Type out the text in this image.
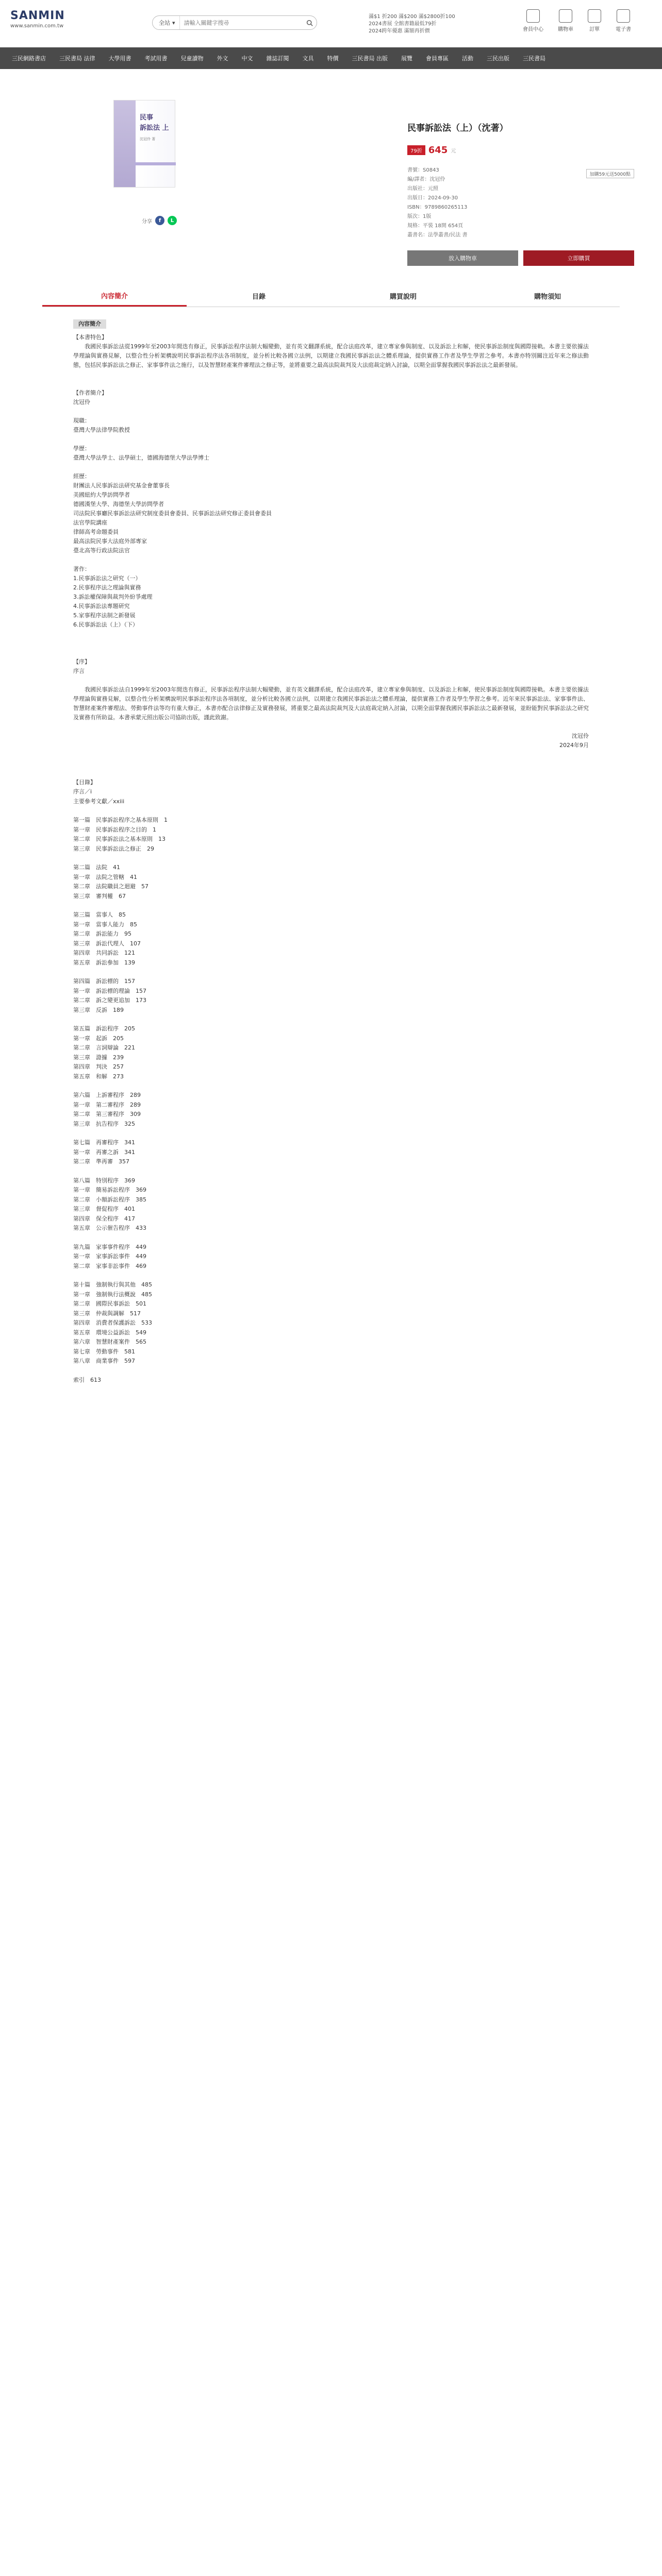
SANMIN
www.sanmin.com.tw	全站 ▾
請輸入關鍵字搜尋
滿$1 折200 滿$200 滿$2800折100
2024書展 全館書籍最低79折
2024跨年優惠 滿額再折價	會員中心	購物車	訂單	電子書
三民網路書店	三民書局 法律	大學用書	考試用書	兒童讀物	外文	中文	雜誌訂閱	文具	特價	三民書局 出版	展覽	會員專區	活動	三民出版	三民書局
民事
訴訟法 上
沈冠伶 著
分享	f	L
民事訴訟法（上）（沈著）
79折 645 元
書號：S0843
編/譯者：沈冠伶
出版社：元照
出版日：2024-09-30
ISBN：9789860265113
版次：1版
規格：平裝 18開 654頁
叢書名：法學叢書/民法 書
加購59元送5000點
放入購物車	立即購買
內容簡介	目錄	購買說明	購物須知
內容簡介
【本書特色】
我國民事訴訟法從1999年至2003年間迭有修正，民事訴訟程序法制大幅變動，並有英文翻譯系統，配合法庭改革，建立專家參與制度、以及訴訟上和解，使民事訴訟制度與國際接軌。本書主要依據法學理論與實務見解，以整合性分析架構說明民事訴訟程序法各項制度，並分析比較各國立法例，以期建立我國民事訴訟法之體系理論，提供實務工作者及學生學習之參考。本書亦特別關注近年來之修法動態，包括民事訴訟法之修正、家事事件法之施行，以及智慧財產案件審理法之修正等，並將重要之最高法院裁判及大法庭裁定納入討論，以期全面掌握我國民事訴訟法之最新發展。
【作者簡介】
沈冠伶
現職：
臺灣大學法律學院教授
學歷：
臺灣大學法學士、法學碩士，德國海德堡大學法學博士
經歷：
財團法人民事訴訟法研究基金會董事長
美國紐約大學訪問學者
德國漢堡大學、海德堡大學訪問學者
司法院民事廳民事訴訟法研究制度委員會委員、民事訴訟法研究修正委員會委員
法官學院講座
律師高考命題委員
最高法院民事大法庭外部專家
臺北高等行政法院法官
著作：
1.民事訴訟法之研究（一）
2.民事程序法之理論與實務
3.訴訟權保障與裁判外紛爭處理
4.民事訴訟法專題研究
5.家事程序法制之新發展
6.民事訴訟法（上）（下）
【序】
序言
我國民事訴訟法自1999年至2003年間迭有修正，民事訴訟程序法制大幅變動，並有英文翻譯系統，配合法庭改革，建立專家參與制度、以及訴訟上和解，使民事訴訟制度與國際接軌。本書主要依據法學理論與實務見解，以整合性分析架構說明民事訴訟程序法各項制度，並分析比較各國立法例，以期建立我國民事訴訟法之體系理論，提供實務工作者及學生學習之參考。近年來民事訴訟法、家事事件法、智慧財產案件審理法、勞動事件法等均有重大修正，本書亦配合法律修正及實務發展，將重要之最高法院裁判及大法庭裁定納入討論，以期全面掌握我國民事訴訟法之最新發展，並盼能對民事訴訟法之研究及實務有所助益。本書承蒙元照出版公司協助出版，謹此致謝。
沈冠伶
2024年9月
【目錄】
序言／i
主要參考文獻／xxiii
第一篇　民事訴訟程序之基本原則　1
第一章　民事訴訟程序之目的　1
第二章　民事訴訟法之基本原則　13
第三章　民事訴訟法之修正　29
第二篇　法院　41
第一章　法院之管轄　41
第二章　法院職員之迴避　57
第三章　審判權　67
第三篇　當事人　85
第一章　當事人能力　85
第二章　訴訟能力　95
第三章　訴訟代理人　107
第四章　共同訴訟　121
第五章　訴訟參加　139
第四篇　訴訟標的　157
第一章　訴訟標的理論　157
第二章　訴之變更追加　173
第三章　反訴　189
第五篇　訴訟程序　205
第一章　起訴　205
第二章　言詞辯論　221
第三章　證據　239
第四章　判決　257
第五章　和解　273
第六篇　上訴審程序　289
第一章　第二審程序　289
第二章　第三審程序　309
第三章　抗告程序　325
第七篇　再審程序　341
第一章　再審之訴　341
第二章　準再審　357
第八篇　特別程序　369
第一章　簡易訴訟程序　369
第二章　小額訴訟程序　385
第三章　督促程序　401
第四章　保全程序　417
第五章　公示催告程序　433
第九篇　家事事件程序　449
第一章　家事訴訟事件　449
第二章　家事非訟事件　469
第十篇　強制執行與其他　485
第一章　強制執行法概說　485
第二章　國際民事訴訟　501
第三章　仲裁與調解　517
第四章　消費者保護訴訟　533
第五章　環境公益訴訟　549
第六章　智慧財產案件　565
第七章　勞動事件　581
第八章　商業事件　597
索引　613
